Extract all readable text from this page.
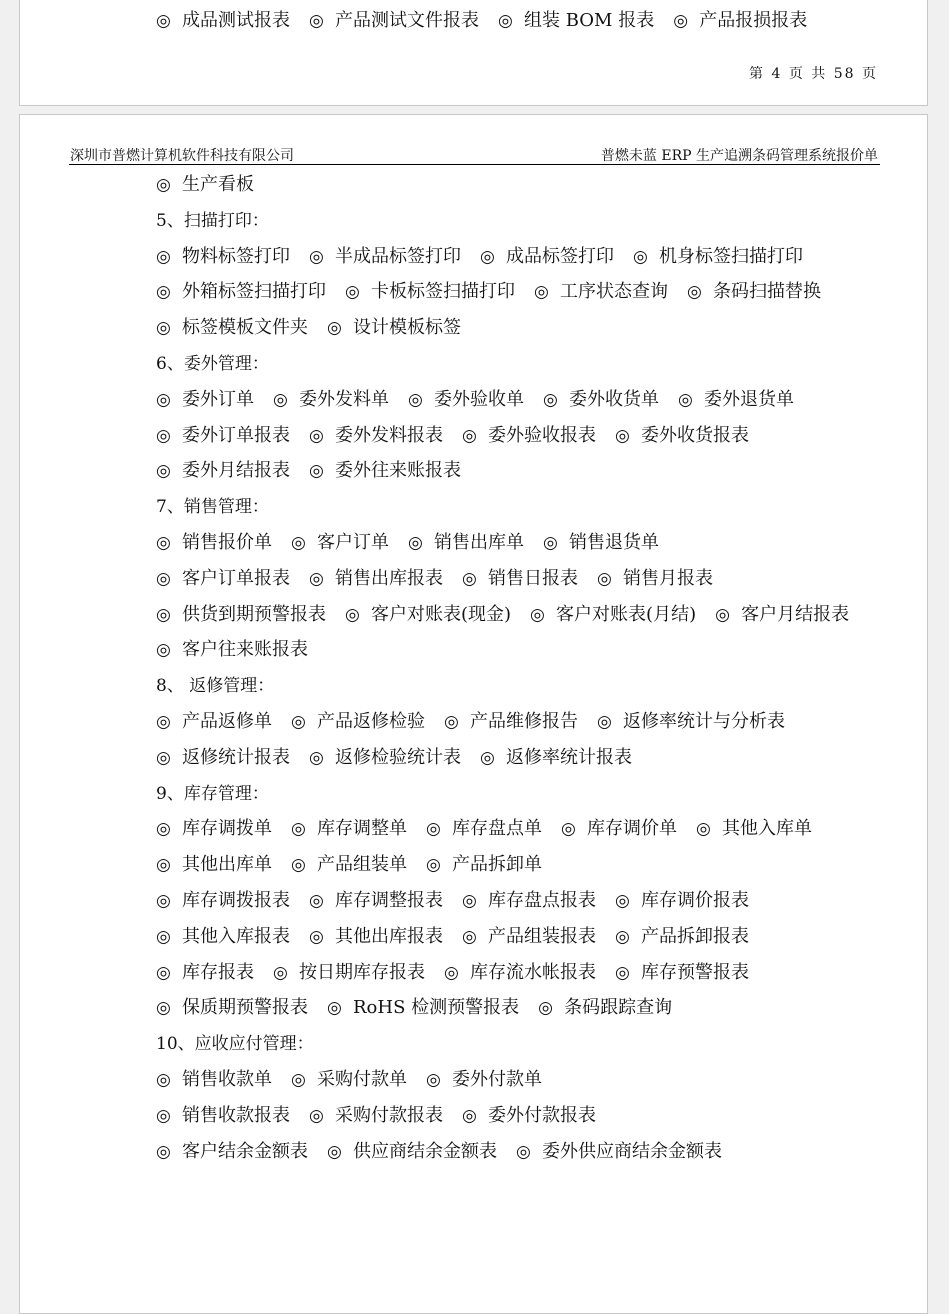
◎ 成品测试报表 ◎ 产品测试文件报表 ◎ 组装 BOM 报表 ◎ 产品报损报表
第 4 页 共 58 页
深圳市普燃计算机软件科技有限公司	普燃未蓝 ERP 生产追溯条码管理系统报价单
◎ 生产看板
5、扫描打印：
◎ 物料标签打印 ◎ 半成品标签打印 ◎ 成品标签打印 ◎ 机身标签扫描打印
◎ 外箱标签扫描打印 ◎ 卡板标签扫描打印 ◎ 工序状态查询 ◎ 条码扫描替换
◎ 标签模板文件夹 ◎ 设计模板标签
6、委外管理：
◎ 委外订单 ◎ 委外发料单 ◎ 委外验收单 ◎ 委外收货单 ◎ 委外退货单
◎ 委外订单报表 ◎ 委外发料报表 ◎ 委外验收报表 ◎ 委外收货报表
◎ 委外月结报表 ◎ 委外往来账报表
7、销售管理：
◎ 销售报价单 ◎ 客户订单 ◎ 销售出库单 ◎ 销售退货单
◎ 客户订单报表 ◎ 销售出库报表 ◎ 销售日报表 ◎ 销售月报表
◎ 供货到期预警报表 ◎ 客户对账表(现金) ◎ 客户对账表(月结) ◎ 客户月结报表
◎ 客户往来账报表
8、 返修管理：
◎ 产品返修单 ◎ 产品返修检验 ◎ 产品维修报告 ◎ 返修率统计与分析表
◎ 返修统计报表 ◎ 返修检验统计表 ◎ 返修率统计报表
9、库存管理：
◎ 库存调拨单 ◎ 库存调整单 ◎ 库存盘点单 ◎ 库存调价单 ◎ 其他入库单
◎ 其他出库单 ◎ 产品组装单 ◎ 产品拆卸单
◎ 库存调拨报表 ◎ 库存调整报表 ◎ 库存盘点报表 ◎ 库存调价报表
◎ 其他入库报表 ◎ 其他出库报表 ◎ 产品组装报表 ◎ 产品拆卸报表
◎ 库存报表 ◎ 按日期库存报表 ◎ 库存流水帐报表 ◎ 库存预警报表
◎ 保质期预警报表 ◎ RoHS 检测预警报表 ◎ 条码跟踪查询
10、应收应付管理：
◎ 销售收款单 ◎ 采购付款单 ◎ 委外付款单
◎ 销售收款报表 ◎ 采购付款报表 ◎ 委外付款报表
◎ 客户结余金额表 ◎ 供应商结余金额表 ◎ 委外供应商结余金额表
